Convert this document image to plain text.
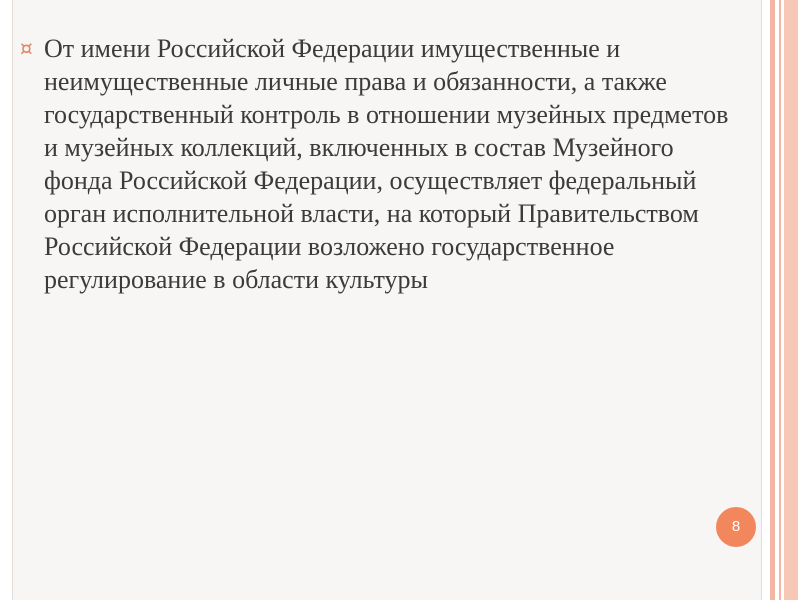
¤ От имени Российской Федерации имущественные и неимущественные личные права и обязанности, а также государственный контроль в отношении музейных предметов и музейных коллекций, включенных в состав Музейного фонда Российской Федерации, осуществляет федеральный орган исполнительной власти, на который Правительством Российской Федерации возложено государственное регулирование в области культуры
8
